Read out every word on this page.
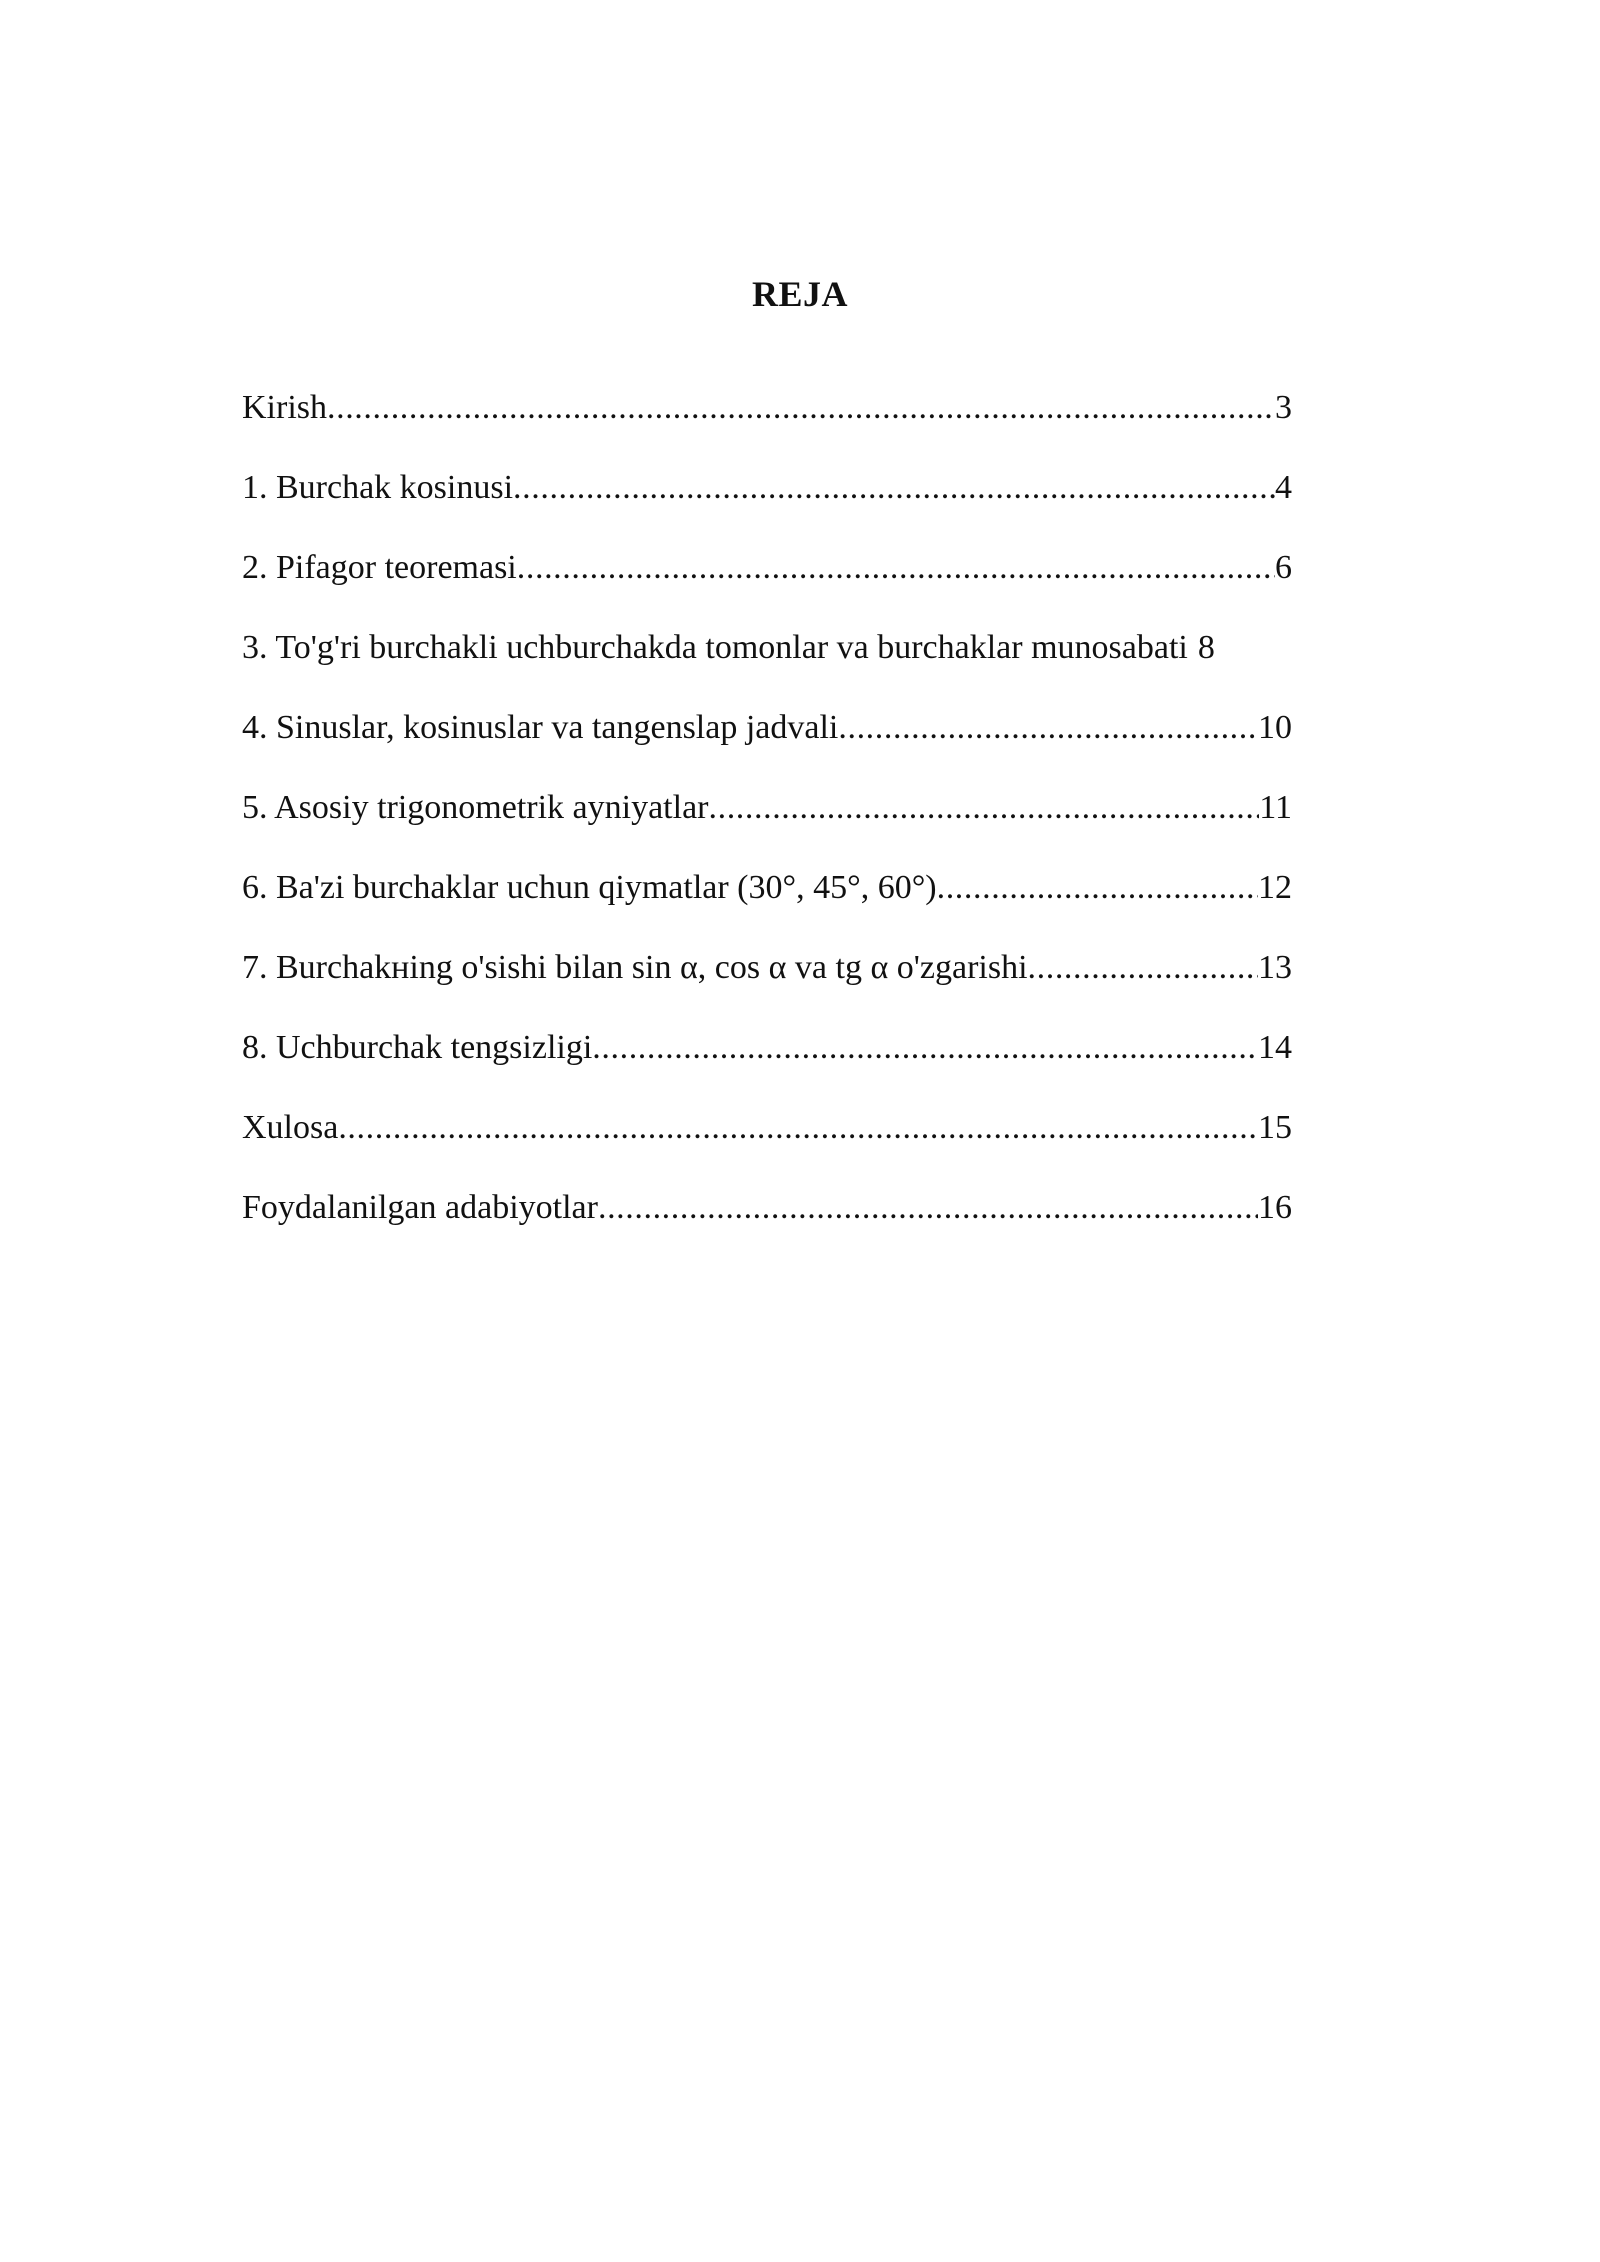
REJA
Kirish .....	3
1. Burchak kosinusi .....	4
2. Pifagor teoremasi .....	6
3. To'g'ri burchakli uchburchakda tomonlar va burchaklar munosabati 8
4. Sinuslar, kosinuslar va tangenslap jadvali .....	10
5. Asosiy trigonometrik ayniyatlar .....	11
6. Ba'zi burchaklar uchun qiymatlar (30°, 45°, 60°) .....	12
7. Burchakнing o'sishi bilan sin α, cos α va tg α o'zgarishi .....	13
8. Uchburchak tengsizligi .....	14
Xulosa .....	15
Foydalanilgan adabiyotlar .....	16
